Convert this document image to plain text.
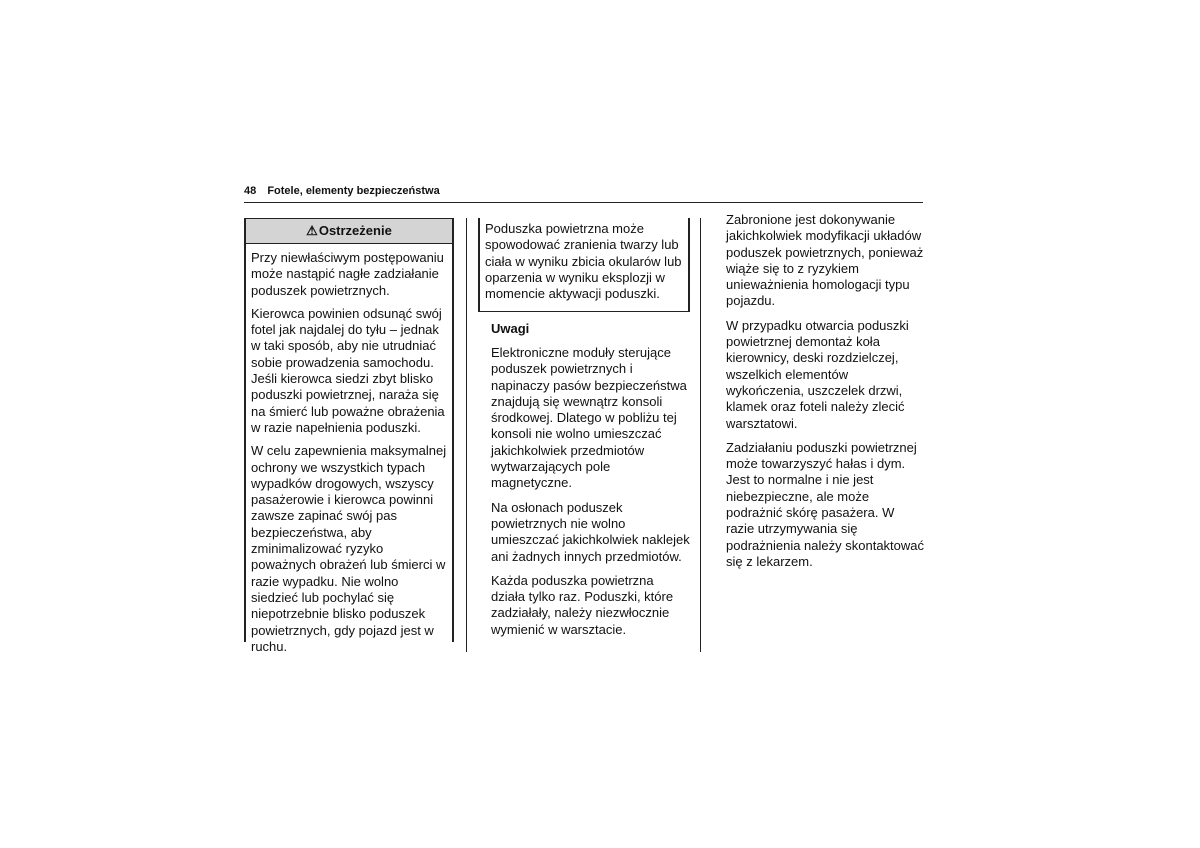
48 Fotele, elementy bezpieczeństwa
⚠Ostrzeżenie

Przy niewłaściwym postępowaniu może nastąpić nagłe zadziałanie poduszek powietrznych.

Kierowca powinien odsunąć swój fotel jak najdalej do tyłu – jednak w taki sposób, aby nie utrudniać sobie prowadzenia samochodu. Jeśli kierowca siedzi zbyt blisko poduszki powietrznej, naraża się na śmierć lub poważne obrażenia w razie napełnienia poduszki.

W celu zapewnienia maksymalnej ochrony we wszystkich typach wypadków drogowych, wszyscy pasażerowie i kierowca powinni zawsze zapinać swój pas bezpieczeństwa, aby zminimalizować ryzyko poważnych obrażeń lub śmierci w razie wypadku. Nie wolno siedzieć lub pochylać się niepotrzebnie blisko poduszek powietrznych, gdy pojazd jest w ruchu.

Poduszka powietrzna może spowodować zranienia twarzy lub ciała w wyniku zbicia okularów lub oparzenia w wyniku eksplozji w momencie aktywacji poduszki.
Uwagi

Elektroniczne moduły sterujące poduszek powietrznych i napinaczy pasów bezpieczeństwa znajdują się wewnątrz konsoli środkowej. Dlatego w pobliżu tej konsoli nie wolno umieszczać jakichkolwiek przedmiotów wytwarzających pole magnetyczne.

Na osłonach poduszek powietrznych nie wolno umieszczać jakichkolwiek naklejek ani żadnych innych przedmiotów.

Każda poduszka powietrzna działa tylko raz. Poduszki, które zadziałały, należy niezwłocznie wymienić w warsztacie.

Zabronione jest dokonywanie jakichkolwiek modyfikacji układów poduszek powietrznych, ponieważ wiąże się to z ryzykiem unieważnienia homologacji typu pojazdu.

W przypadku otwarcia poduszki powietrznej demontaż koła kierownicy, deski rozdzielczej, wszelkich elementów wykończenia, uszczelek drzwi, klamek oraz foteli należy zlecić warsztatowi.

Zadziałaniu poduszki powietrznej może towarzyszyć hałas i dym. Jest to normalne i nie jest niebezpieczne, ale może podrażnić skórę pasażera. W razie utrzymywania się podrażnienia należy skontaktować się z lekarzem.
